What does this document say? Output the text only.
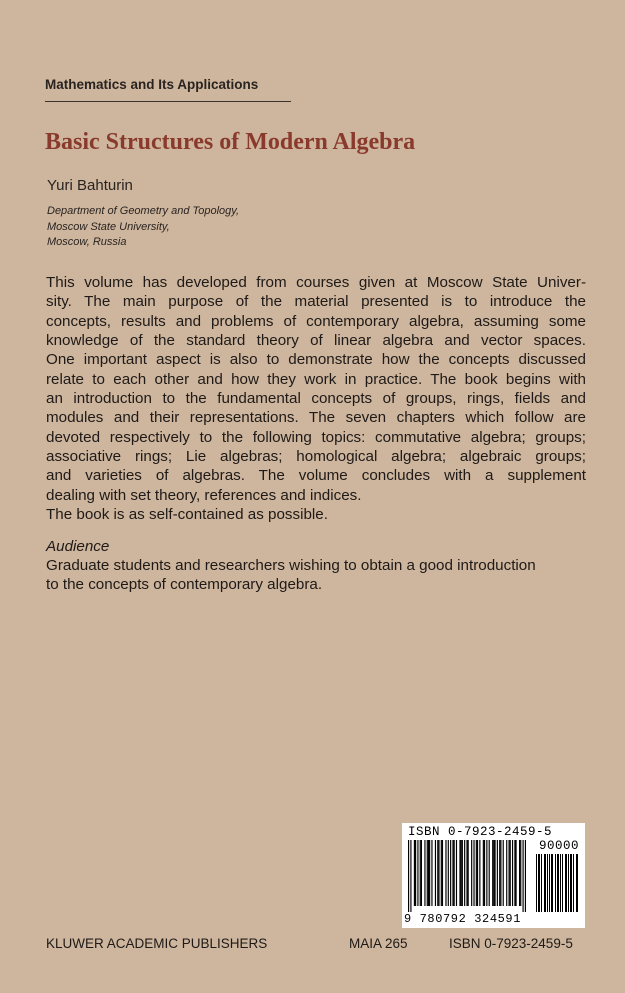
Mathematics and Its Applications
Basic Structures of Modern Algebra
Yuri Bahturin
Department of Geometry and Topology,
Moscow State University,
Moscow, Russia
This volume has developed from courses given at Moscow State Univer-
sity. The main purpose of the material presented is to introduce the
concepts, results and problems of contemporary algebra, assuming some
knowledge of the standard theory of linear algebra and vector spaces.
One important aspect is also to demonstrate how the concepts discussed
relate to each other and how they work in practice. The book begins with
an introduction to the fundamental concepts of groups, rings, fields and
modules and their representations. The seven chapters which follow are
devoted respectively to the following topics: commutative algebra; groups;
associative rings; Lie algebras; homological algebra; algebraic groups;
and varieties of algebras. The volume concludes with a supplement
dealing with set theory, references and indices.
The book is as self-contained as possible.
Audience
Graduate students and researchers wishing to obtain a good introduction
to the concepts of contemporary algebra.
ISBN 0-7923-2459-5
90000
9 780792 324591
KLUWER ACADEMIC PUBLISHERS	MAIA 265	ISBN 0-7923-2459-5
